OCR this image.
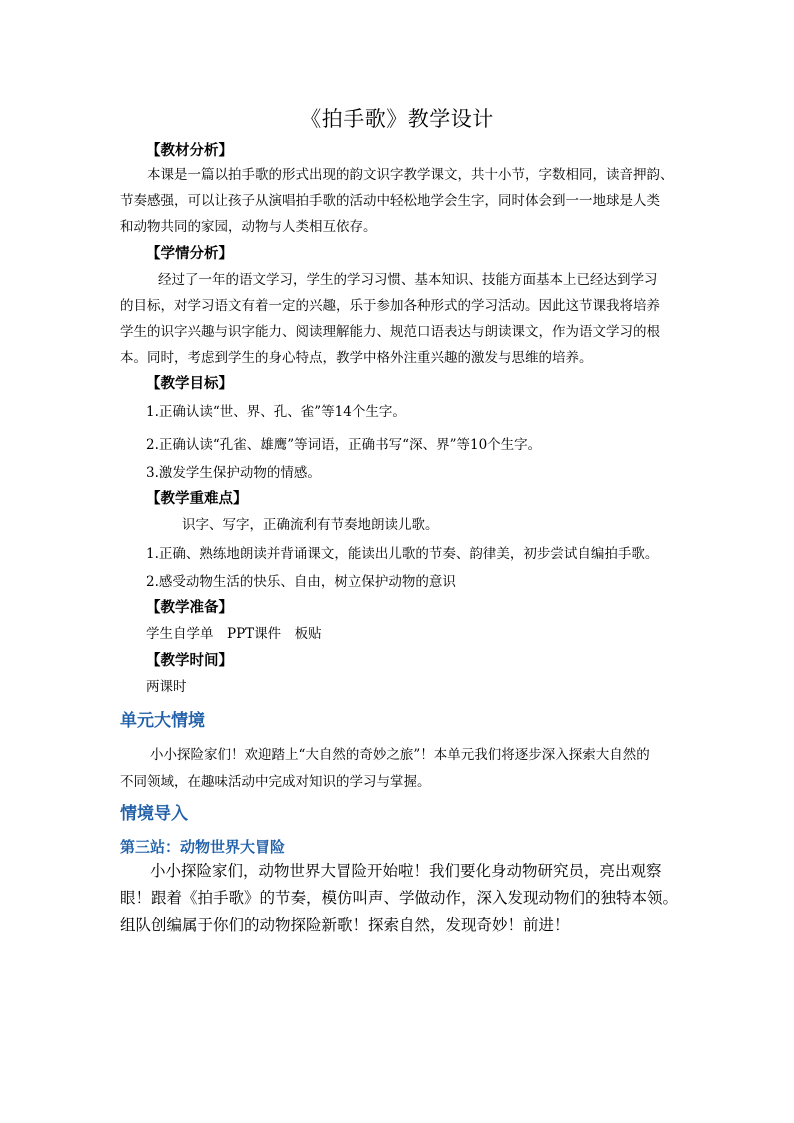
《拍手歌》教学设计
【教材分析】
本课是一篇以拍手歌的形式出现的韵文识字教学课文，共十小节，字数相同，读音押韵、
节奏感强，可以让孩子从演唱拍手歌的活动中轻松地学会生字，同时体会到一一地球是人类
和动物共同的家园，动物与人类相互依存。
【学情分析】
经过了一年的语文学习，学生的学习习惯、基本知识、技能方面基本上已经达到学习
的目标，对学习语文有着一定的兴趣，乐于参加各种形式的学习活动。因此这节课我将培养
学生的识字兴趣与识字能力、阅读理解能力、规范口语表达与朗读课文，作为语文学习的根
本。同时，考虑到学生的身心特点，教学中格外注重兴趣的激发与思维的培养。
【教学目标】
1.正确认读“世、界、孔、雀”等14个生字。
2.正确认读“孔雀、雄鹰”等词语，正确书写“深、界”等10个生字。
3.激发学生保护动物的情感。
【教学重难点】
识字、写字，正确流利有节奏地朗读儿歌。
1.正确、熟练地朗读并背诵课文，能读出儿歌的节奏、韵律美，初步尝试自编拍手歌。
2.感受动物生活的快乐、自由，树立保护动物的意识
【教学准备】
学生自学单　PPT课件　板贴
【教学时间】
两课时
单元大情境
小小探险家们！欢迎踏上“大自然的奇妙之旅”！本单元我们将逐步深入探索大自然的
不同领域，在趣味活动中完成对知识的学习与掌握。
情境导入
第三站：动物世界大冒险
小小探险家们，动物世界大冒险开始啦！我们要化身动物研究员，亮出观察
眼！跟着《拍手歌》的节奏，模仿叫声、学做动作，深入发现动物们的独特本领。
组队创编属于你们的动物探险新歌！探索自然，发现奇妙！前进！
